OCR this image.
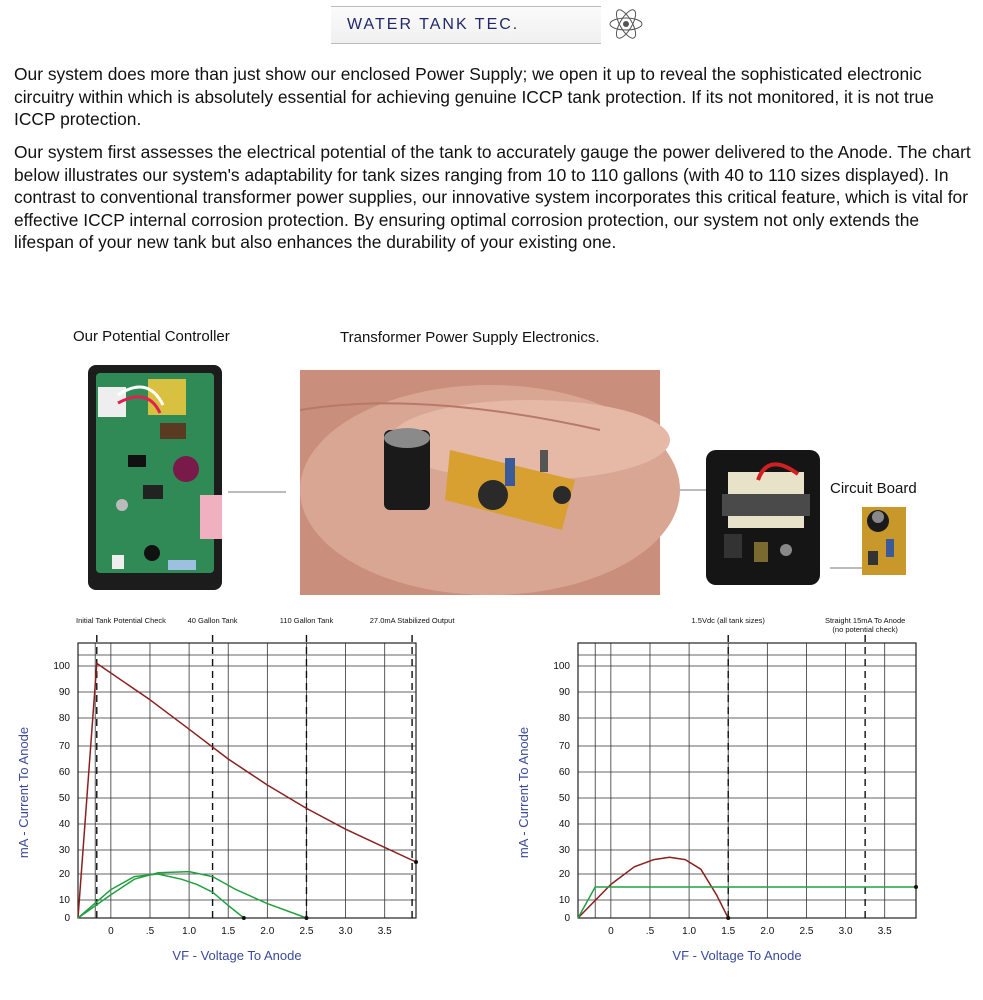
WATER TANK TEC.

Our system does more than just show our enclosed Power Supply; we open it up to reveal the sophisticated electronic circuitry within which is absolutely essential for achieving genuine ICCP tank protection. If its not monitored, it is not true ICCP protection.

Our system first assesses the electrical potential of the tank to accurately gauge the power delivered to the Anode. The chart below illustrates our system's adaptability for tank sizes ranging from 10 to 110 gallons (with 40 to 110 sizes displayed). In contrast to conventional transformer power supplies, our innovative system incorporates this critical feature, which is vital for effective ICCP internal corrosion protection. By ensuring optimal corrosion protection, our system not only extends the lifespan of your new tank but also enhances the durability of your existing one.

Our Potential Controller	Transformer Power Supply Electronics.
Circuit Board
0
10
20
30
40
50
60
70
80
90
100
0	.5	1.0	1.5	2.0	2.5	3.0	3.5
VF - Voltage To Anode
mA - Current To Anode
Initial Tank Potential Check	40 Gallon Tank	110 Gallon Tank	27.0mA Stabilized Output
0
10
20
30
40
50
60
70
80
90
100
0	.5	1.0	1.5	2.0	2.5	3.0	3.5
VF - Voltage To Anode
mA - Current To Anode
1.5Vdc (all tank sizes)	Straight 15mA To Anode
(no potential check)
